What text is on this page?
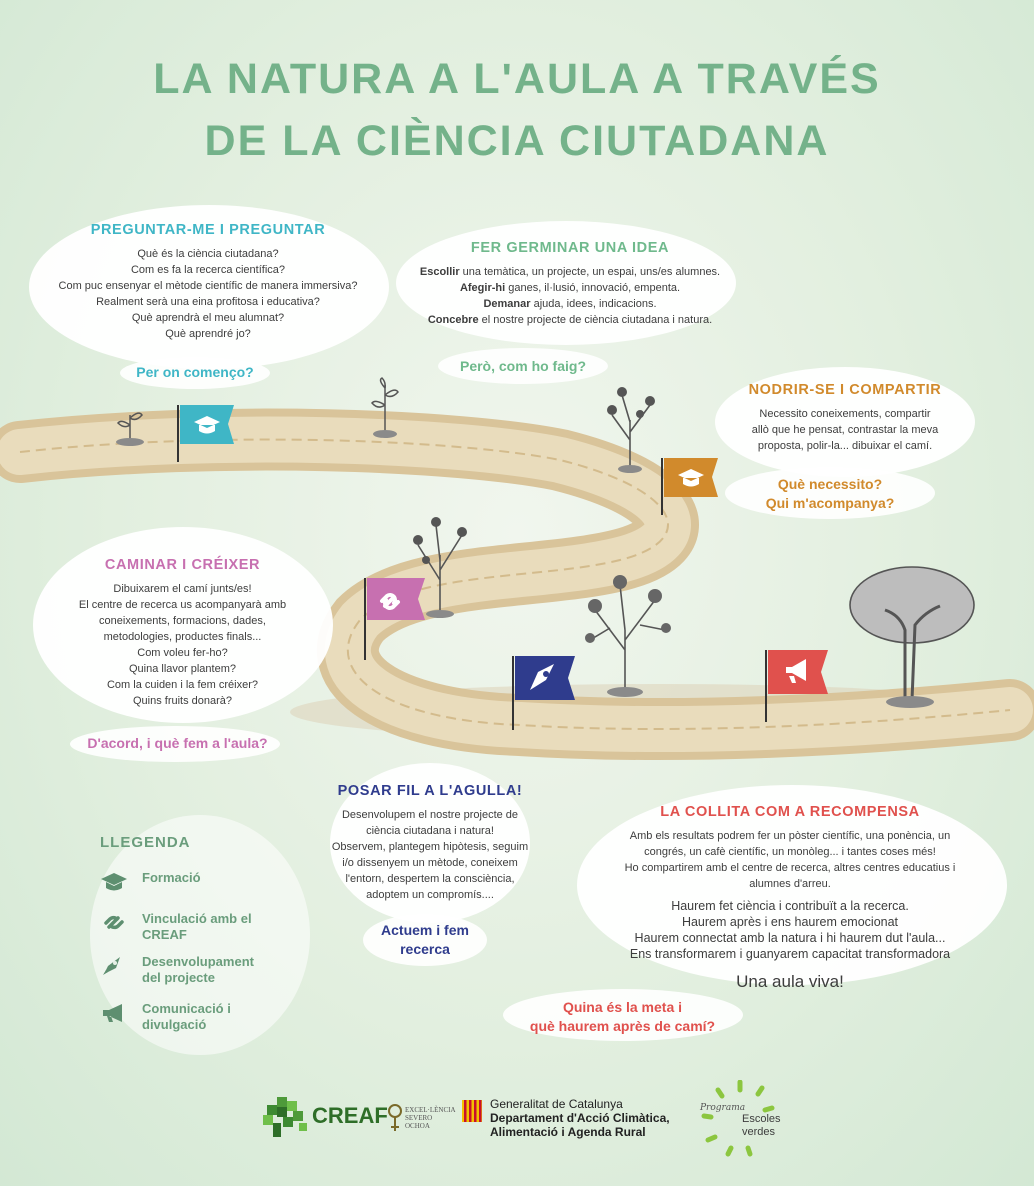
LA NATURA A L'AULA A TRAVÉS
DE LA CIÈNCIA CIUTADANA
PREGUNTAR-ME I PREGUNTAR
Què és la ciència ciutadana?
Com es fa la recerca científica?
Com puc ensenyar el mètode científic de manera immersiva?
Realment serà una eina profitosa i educativa?
Què aprendrà el meu alumnat?
Què aprendré jo?
Per on començo?
FER GERMINAR UNA IDEA
Escollir una temàtica, un projecte, un espai, uns/es alumnes.
Afegir-hi ganes, il·lusió, innovació, empenta.
Demanar ajuda, idees, indicacions.
Concebre el nostre projecte de ciència ciutadana i natura.
Però, com ho faig?
NODRIR-SE I COMPARTIR
Necessito coneixements, compartir
allò que he pensat, contrastar la meva
proposta, polir-la... dibuixar el camí.
Què necessito?
Qui m'acompanya?
CAMINAR I CRÉIXER
Dibuixarem el camí junts/es!
El centre de recerca us acompanyarà amb
coneixements, formacions, dades,
metodologies, productes finals...
Com voleu fer-ho?
Quina llavor plantem?
Com la cuiden i la fem créixer?
Quins fruits donarà?
D'acord, i què fem a l'aula?
POSAR FIL A L'AGULLA!
Desenvolupem el nostre projecte de
ciència ciutadana i natura!
Observem, plantegem hipòtesis, seguim
i/o dissenyem un mètode, coneixem
l'entorn, despertem la consciència,
adoptem un compromís....
Actuem i fem
recerca
LA COLLITA COM A RECOMPENSA
Amb els resultats podrem fer un pòster científic, una ponència, un
congrés, un cafè científic, un monòleg... i tantes coses més!
Ho compartirem amb el centre de recerca, altres centres educatius i
alumnes d'arreu.
Haurem fet ciència i contribuït a la recerca.
Haurem après i ens haurem emocionat
Haurem connectat amb la natura i hi haurem dut l'aula...
Ens transformarem i guanyarem capacitat transformadora
Una aula viva!
Quina és la meta i
què haurem après de camí?
LLEGENDA
Formació
Vinculació amb el CREAF
Desenvolupament del projecte
Comunicació i divulgació
CREAF EXCEL·LÈNCIA
SEVERO
OCHOA
Generalitat de Catalunya
Departament d'Acció Climàtica,
Alimentació i Agenda Rural
Programa
Escoles
verdes
